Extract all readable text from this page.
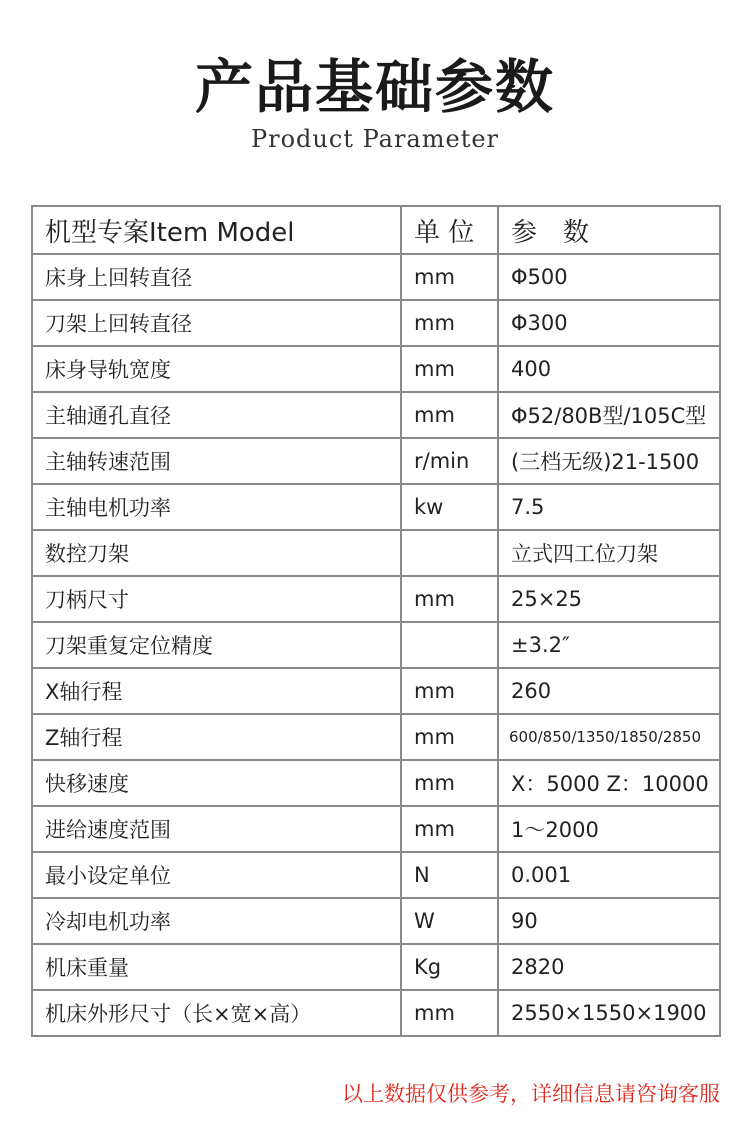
产品基础参数
Product Parameter
机型专案Item Model	单 位	参　数
床身上回转直径	mm	Φ500
刀架上回转直径	mm	Φ300
床身导轨宽度	mm	400
主轴通孔直径	mm	Φ52/80B型/105C型
主轴转速范围	r/min	(三档无级)21-1500
主轴电机功率	kw	7.5
数控刀架		立式四工位刀架
刀柄尺寸	mm	25×25
刀架重复定位精度		±3.2″
X轴行程	mm	260
Z轴行程	mm	600/850/1350/1850/2850
快移速度	mm	X：5000 Z：10000
进给速度范围	mm	1～2000
最小设定单位	N	0.001
冷却电机功率	W	90
机床重量	Kg	2820
机床外形尺寸（长×宽×高）	mm	2550×1550×1900
以上数据仅供参考，详细信息请咨询客服
